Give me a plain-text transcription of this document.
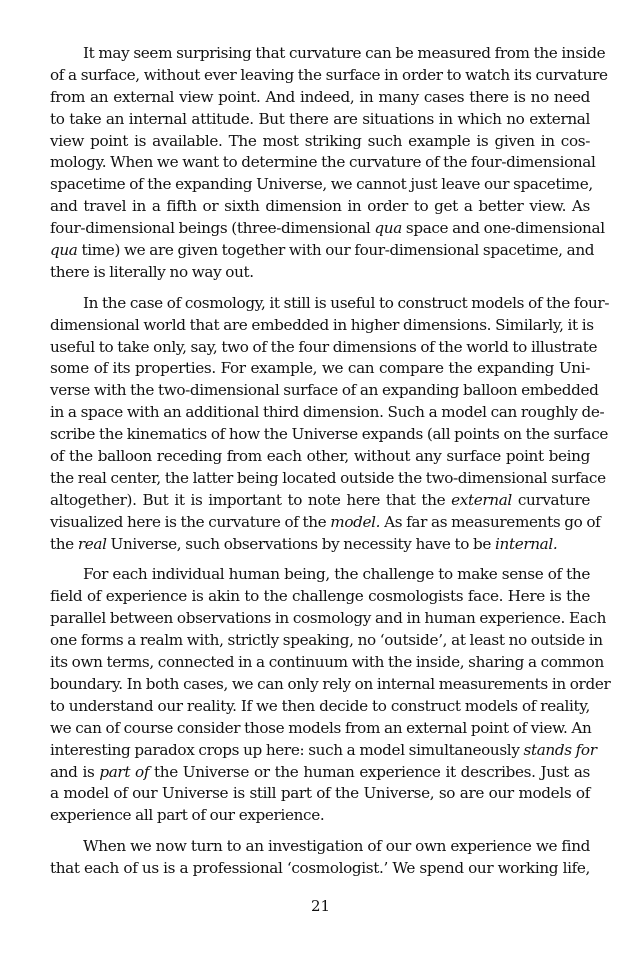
It may seem surprising that curvature can be measured from the inside
of a surface, without ever leaving the surface in order to watch its curvature
from an external view point. And indeed, in many cases there is no need
to take an internal attitude. But there are situations in which no external
view point is available. The most striking such example is given in cos-
mology. When we want to determine the curvature of the four-dimensional
spacetime of the expanding Universe, we cannot just leave our spacetime,
and travel in a fifth or sixth dimension in order to get a better view. As
four-dimensional beings (three-dimensional qua space and one-dimensional
qua time) we are given together with our four-dimensional spacetime, and
there is literally no way out.
In the case of cosmology, it still is useful to construct models of the four-
dimensional world that are embedded in higher dimensions. Similarly, it is
useful to take only, say, two of the four dimensions of the world to illustrate
some of its properties. For example, we can compare the expanding Uni-
verse with the two-dimensional surface of an expanding balloon embedded
in a space with an additional third dimension. Such a model can roughly de-
scribe the kinematics of how the Universe expands (all points on the surface
of the balloon receding from each other, without any surface point being
the real center, the latter being located outside the two-dimensional surface
altogether). But it is important to note here that the external curvature
visualized here is the curvature of the model. As far as measurements go of
the real Universe, such observations by necessity have to be internal.
For each individual human being, the challenge to make sense of the
field of experience is akin to the challenge cosmologists face. Here is the
parallel between observations in cosmology and in human experience. Each
one forms a realm with, strictly speaking, no ‘outside’, at least no outside in
its own terms, connected in a continuum with the inside, sharing a common
boundary. In both cases, we can only rely on internal measurements in order
to understand our reality. If we then decide to construct models of reality,
we can of course consider those models from an external point of view. An
interesting paradox crops up here: such a model simultaneously stands for
and is part of the Universe or the human experience it describes. Just as
a model of our Universe is still part of the Universe, so are our models of
experience all part of our experience.
When we now turn to an investigation of our own experience we find
that each of us is a professional ‘cosmologist.’ We spend our working life,
21
